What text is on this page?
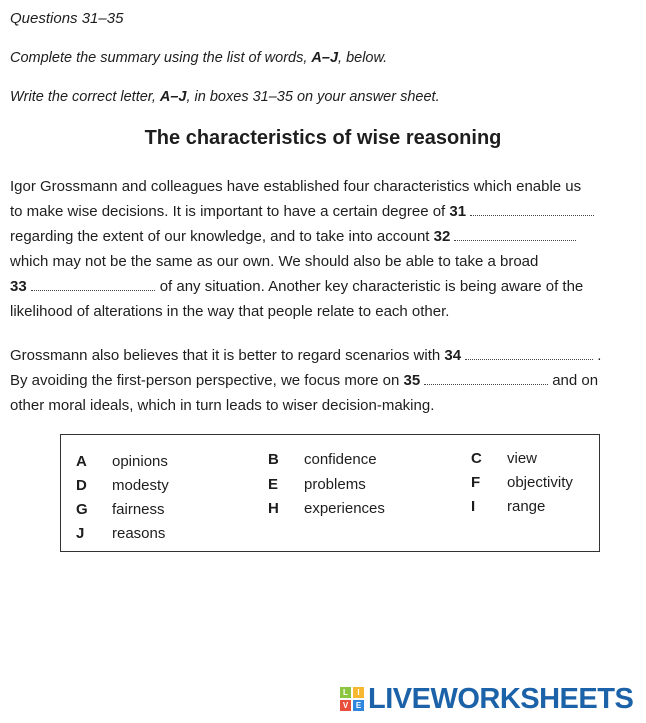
Questions 31–35
Complete the summary using the list of words, A–J, below.
Write the correct letter, A–J, in boxes 31–35 on your answer sheet.
The characteristics of wise reasoning
Igor Grossmann and colleagues have established four characteristics which enable us
to make wise decisions. It is important to have a certain degree of 31
regarding the extent of our knowledge, and to take into account 32
which may not be the same as our own. We should also be able to take a broad
33	of any situation. Another key characteristic is being aware of the
likelihood of alterations in the way that people relate to each other.
Grossmann also believes that it is better to regard scenarios with 34	.
By avoiding the first-person perspective, we focus more on 35	and on
other moral ideals, which in turn leads to wiser decision-making.
A opinions	B confidence	C view
D modesty	E problems	F objectivity
G fairness	H experiences	I range
J reasons
L	I
V E LIVEWORKSHEETS
